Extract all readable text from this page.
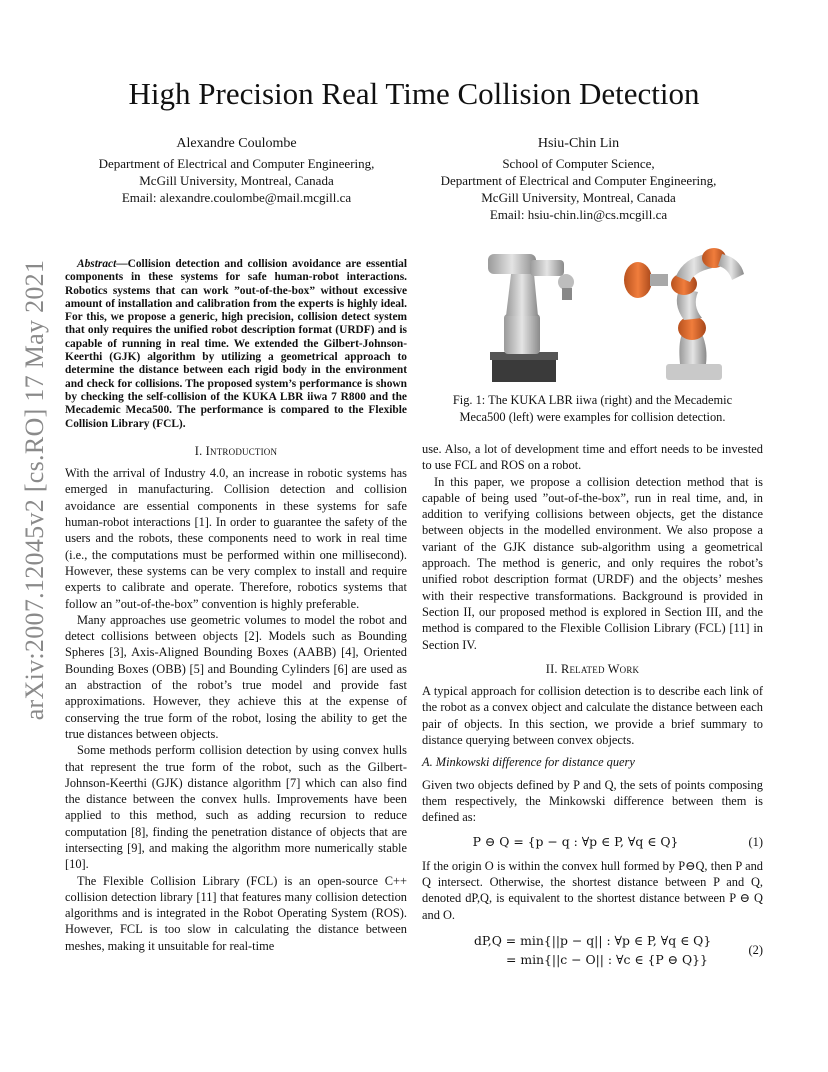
arXiv:2007.12045v2 [cs.RO] 17 May 2021
High Precision Real Time Collision Detection
Alexandre Coulombe
Department of Electrical and Computer Engineering,
McGill University, Montreal, Canada
Email: alexandre.coulombe@mail.mcgill.ca
Hsiu-Chin Lin
School of Computer Science,
Department of Electrical and Computer Engineering,
McGill University, Montreal, Canada
Email: hsiu-chin.lin@cs.mcgill.ca

Abstract—Collision detection and collision avoidance are essential components in these systems for safe human-robot interactions. Robotics systems that can work ”out-of-the-box” without excessive amount of installation and calibration from the experts is highly ideal. For this, we propose a generic, high precision, collision detect system that only requires the unified robot description format (URDF) and is capable of running in real time. We extended the Gilbert-Johnson-Keerthi (GJK) algorithm by utilizing a geometrical approach to determine the distance between each rigid body in the environment and check for collisions. The proposed system’s performance is shown by checking the self-collision of the KUKA LBR iiwa 7 R800 and the Mecademic Meca500. The performance is compared to the Flexible Collision Library (FCL).

I. Introduction

With the arrival of Industry 4.0, an increase in robotic systems has emerged in manufacturing. Collision detection and collision avoidance are essential components in these systems for safe human-robot interactions [1]. In order to guarantee the safety of the users and the robots, these components need to work in real time (i.e., the computations must be performed within one millisecond). However, these systems can be very complex to install and require experts to calibrate and operate. Therefore, robotics systems that follow an ”out-of-the-box” convention is highly preferable.

Many approaches use geometric volumes to model the robot and detect collisions between objects [2]. Models such as Bounding Spheres [3], Axis-Aligned Bounding Boxes (AABB) [4], Oriented Bounding Boxes (OBB) [5] and Bounding Cylinders [6] are used as an abstraction of the robot’s true model and provide fast approximations. However, they achieve this at the expense of conserving the true form of the robot, losing the ability to get the true distances between objects.

Some methods perform collision detection by using convex hulls that represent the true form of the robot, such as the Gilbert-Johnson-Keerthi (GJK) distance algorithm [7] which can also find the distance between the convex hulls. Improvements have been applied to this method, such as adding recursion to reduce computation [8], finding the penetration distance of objects that are intersecting [9], and making the algorithm more numerically stable [10].

The Flexible Collision Library (FCL) is an open-source C++ collision detection library [11] that features many collision detection algorithms and is integrated in the Robot Operating System (ROS). However, FCL is too slow in calculating the distance between meshes, making it unsuitable for real-time

Fig. 1: The KUKA LBR iiwa (right) and the Mecademic Meca500 (left) were examples for collision detection.

use. Also, a lot of development time and effort needs to be invested to use FCL and ROS on a robot.

In this paper, we propose a collision detection method that is capable of being used ”out-of-the-box”, run in real time, and, in addition to verifying collisions between objects, get the distance between objects in the modelled environment. We also propose a variant of the GJK distance sub-algorithm using a geometrical approach. The method is generic, and only requires the robot’s unified robot description format (URDF) and the objects’ meshes with their respective transformations. Background is provided in Section II, our proposed method is explored in Section III, and the method is compared to the Flexible Collision Library (FCL) [11] in Section IV.

II. Related Work

A typical approach for collision detection is to describe each link of the robot as a convex object and calculate the distance between each pair of objects. In this section, we provide a brief summary to distance querying between convex objects.

A. Minkowski difference for distance query

Given two objects defined by P and Q, the sets of points composing them respectively, the Minkowski difference between them is defined as:

P ⊖ Q = {p − q : ∀p ∈ P, ∀q ∈ Q}	(1)

If the origin O is within the convex hull formed by P⊖Q, then P and Q intersect. Otherwise, the shortest distance between P and Q, denoted dP,Q, is equivalent to the shortest distance between P ⊖ Q and O.

dP,Q = min{||p − q|| : ∀p ∈ P, ∀q ∈ Q}
= min{||c − O|| : ∀c ∈ {P ⊖ Q}}
(2)
